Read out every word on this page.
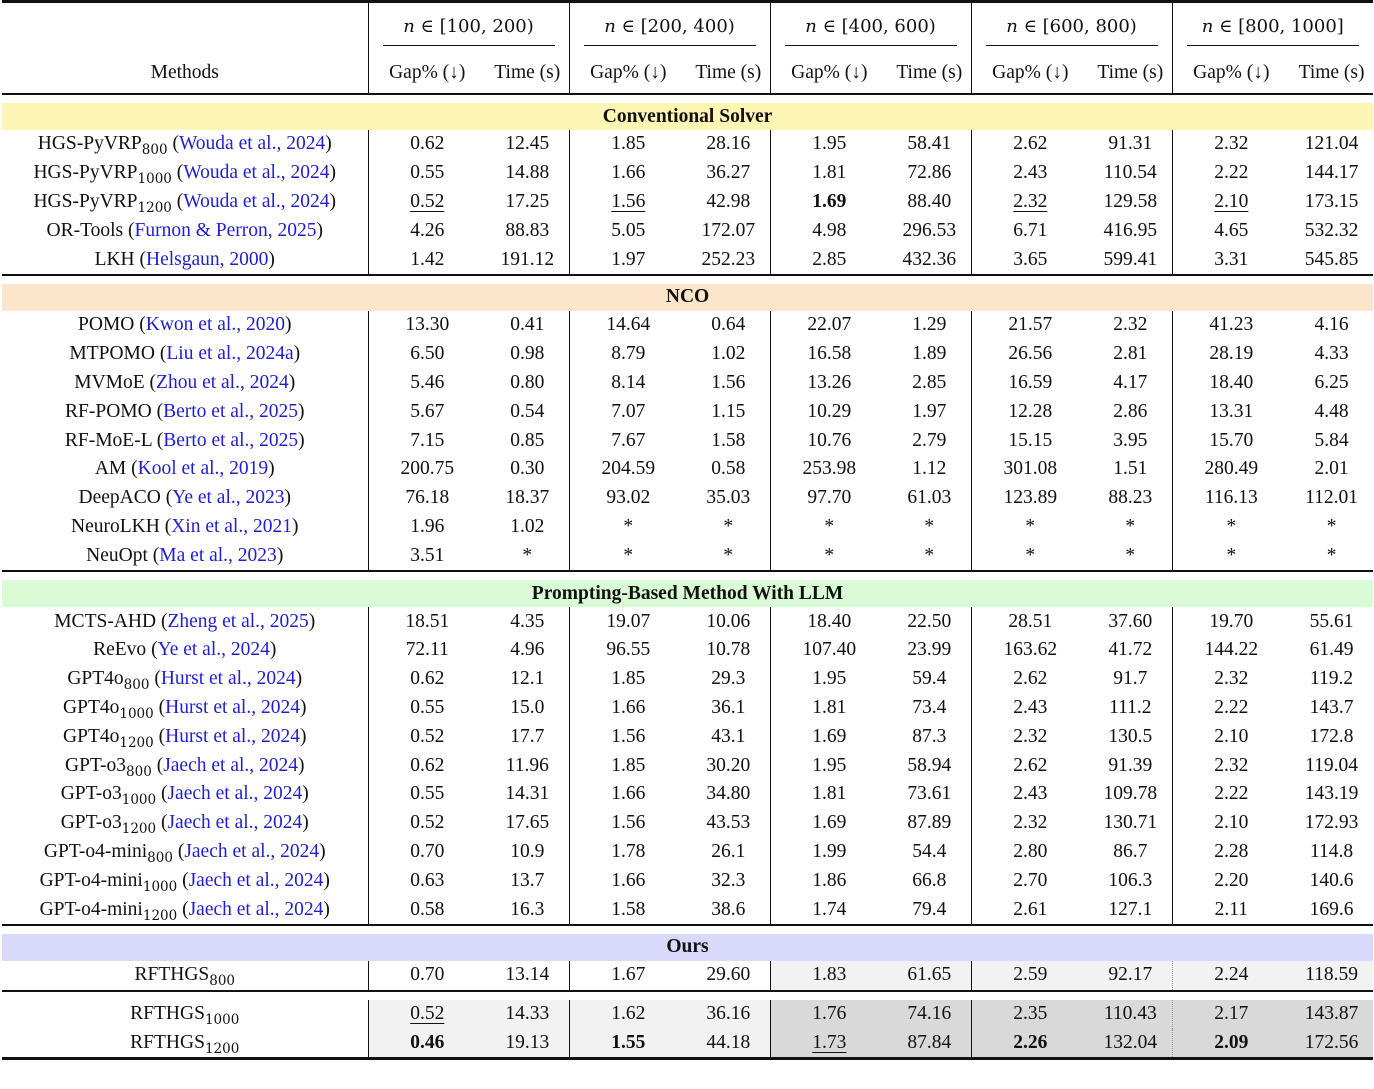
	n ∈ [100, 200)		n ∈ [200, 400)		n ∈ [400, 600)		n ∈ [600, 800)		n ∈ [800, 1000]	
Methods	Gap% (↓)	Time (s)	Gap% (↓)	Time (s)	Gap% (↓)	Time (s)	Gap% (↓)	Time (s)	Gap% (↓)	Time (s)

Conventional Solver										
HGS-PyVRP$_{800}$ (Wouda et al., 2024)	0.62	12.45	1.85	28.16	1.95	58.41	2.62	91.31	2.32	121.04
HGS-PyVRP$_{1000}$ (Wouda et al., 2024)	0.55	14.88	1.66	36.27	1.81	72.86	2.43	110.54	2.22	144.17
HGS-PyVRP$_{1200}$ (Wouda et al., 2024)	0.52	17.25	1.56	42.98	1.69	88.40	2.32	129.58	2.10	173.15
OR-Tools (Furnon & Perron, 2025)	4.26	88.83	5.05	172.07	4.98	296.53	6.71	416.95	4.65	532.32
LKH (Helsgaun, 2000)	1.42	191.12	1.97	252.23	2.85	432.36	3.65	599.41	3.31	545.85

NCO										
POMO (Kwon et al., 2020)	13.30	0.41	14.64	0.64	22.07	1.29	21.57	2.32	41.23	4.16
MTPOMO (Liu et al., 2024a)	6.50	0.98	8.79	1.02	16.58	1.89	26.56	2.81	28.19	4.33
MVMoE (Zhou et al., 2024)	5.46	0.80	8.14	1.56	13.26	2.85	16.59	4.17	18.40	6.25
RF-POMO (Berto et al., 2025)	5.67	0.54	7.07	1.15	10.29	1.97	12.28	2.86	13.31	4.48
RF-MoE-L (Berto et al., 2025)	7.15	0.85	7.67	1.58	10.76	2.79	15.15	3.95	15.70	5.84
AM (Kool et al., 2019)	200.75	0.30	204.59	0.58	253.98	1.12	301.08	1.51	280.49	2.01
DeepACO (Ye et al., 2023)	76.18	18.37	93.02	35.03	97.70	61.03	123.89	88.23	116.13	112.01
NeuroLKH (Xin et al., 2021)	1.96	1.02	*	*	*	*	*	*	*	*
NeuOpt (Ma et al., 2023)	3.51	*	*	*	*	*	*	*	*	*

Prompting-Based Method With LLM										
MCTS-AHD (Zheng et al., 2025)	18.51	4.35	19.07	10.06	18.40	22.50	28.51	37.60	19.70	55.61
ReEvo (Ye et al., 2024)	72.11	4.96	96.55	10.78	107.40	23.99	163.62	41.72	144.22	61.49
$GPT4o_{800}$ (Hurst et al., 2024)	0.62	12.1	1.85	29.3	1.95	59.4	2.62	91.7	2.32	119.2
$GPT4o_{1000}$ (Hurst et al., 2024)	0.55	15.0	1.66	36.1	1.81	73.4	2.43	111.2	2.22	143.7
$GPT4o_{1200}$ (Hurst et al., 2024)	0.52	17.7	1.56	43.1	1.69	87.3	2.32	130.5	2.10	172.8
GPT-$o3_{800}$ (Jaech et al., 2024)	0.62	11.96	1.85	30.20	1.95	58.94	2.62	91.39	2.32	119.04
GPT-$o3_{1000}$ (Jaech et al., 2024)	0.55	14.31	1.66	34.80	1.81	73.61	2.43	109.78	2.22	143.19
GPT-$o3_{1200}$ (Jaech et al., 2024)	0.52	17.65	1.56	43.53	1.69	87.89	2.32	130.71	2.10	172.93
GPT-o4-mini$_{800}$ (Jaech et al., 2024)	0.70	10.9	1.78	26.1	1.99	54.4	2.80	86.7	2.28	114.8
GPT-o4-mini$_{1000}$ (Jaech et al., 2024)	0.63	13.7	1.66	32.3	1.86	66.8	2.70	106.3	2.20	140.6
GPT-o4-mini$_{1200}$ (Jaech et al., 2024)	0.58	16.3	1.58	38.6	1.74	79.4	2.61	127.1	2.11	169.6

Ours										
$RFTHGS_{800}$	0.70	13.14	1.67	29.60	1.83	61.65	2.59	92.17	2.24	118.59

$RFTHGS_{1000}$	0.52	14.33	1.62	36.16	1.76	74.16	2.35	110.43	2.17	143.87
$RFTHGS_{1200}$	0.46	19.13	1.55	44.18	1.73	87.84	2.26	132.04	2.09	172.56
